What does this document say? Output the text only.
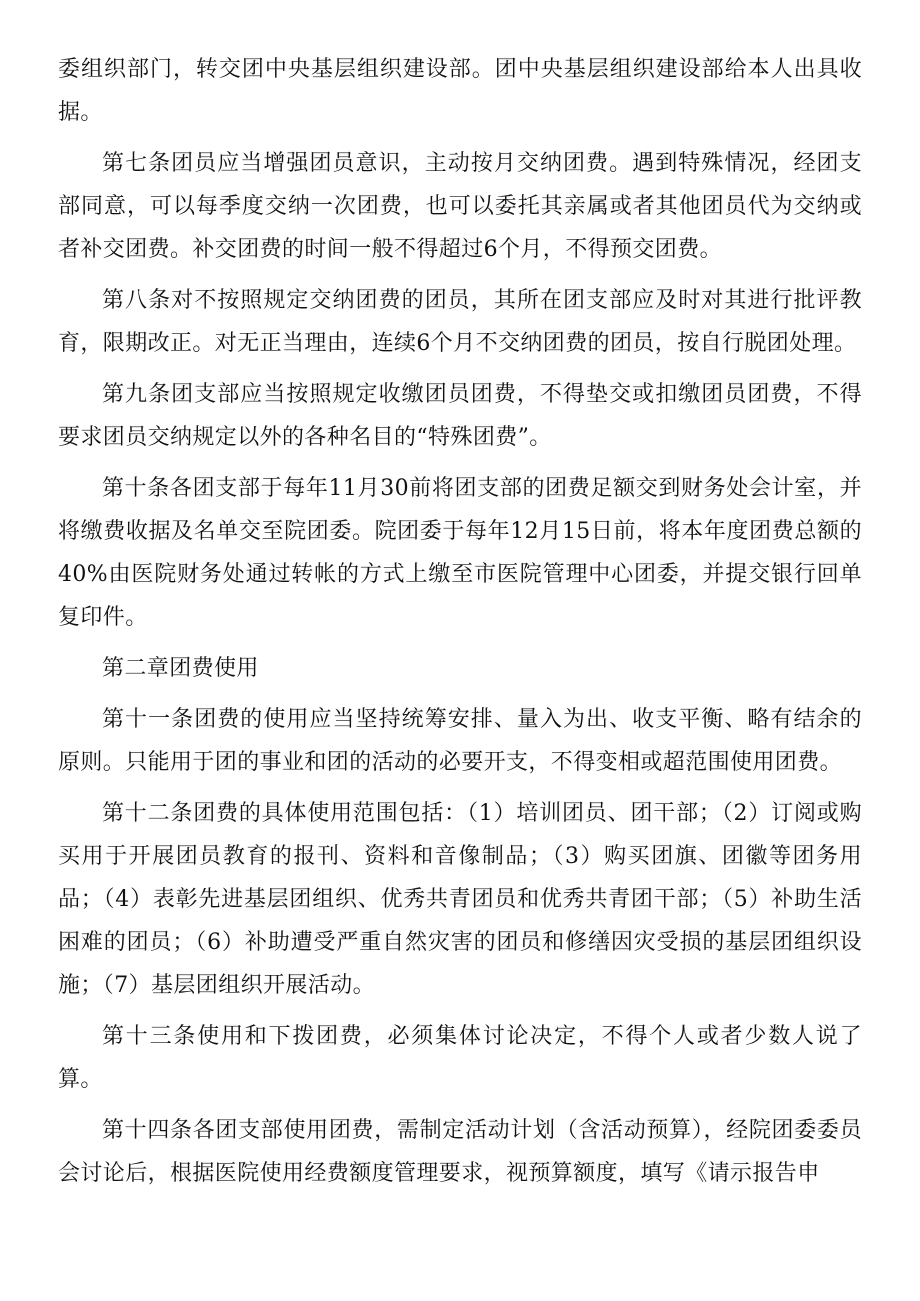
委组织部门，转交团中央基层组织建设部。团中央基层组织建设部给本人出具收据。

第七条团员应当增强团员意识，主动按月交纳团费。遇到特殊情况，经团支部同意，可以每季度交纳一次团费，也可以委托其亲属或者其他团员代为交纳或者补交团费。补交团费的时间一般不得超过6个月，不得预交团费。

第八条对不按照规定交纳团费的团员，其所在团支部应及时对其进行批评教育，限期改正。对无正当理由，连续6个月不交纳团费的团员，按自行脱团处理。

第九条团支部应当按照规定收缴团员团费，不得垫交或扣缴团员团费，不得要求团员交纳规定以外的各种名目的“特殊团费”。

第十条各团支部于每年11月30前将团支部的团费足额交到财务处会计室，并将缴费收据及名单交至院团委。院团委于每年12月15日前，将本年度团费总额的40%由医院财务处通过转帐的方式上缴至市医院管理中心团委，并提交银行回单复印件。

第二章团费使用

第十一条团费的使用应当坚持统筹安排、量入为出、收支平衡、略有结余的原则。只能用于团的事业和团的活动的必要开支，不得变相或超范围使用团费。

第十二条团费的具体使用范围包括：（1）培训团员、团干部；（2）订阅或购买用于开展团员教育的报刊、资料和音像制品；（3）购买团旗、团徽等团务用品；（4）表彰先进基层团组织、优秀共青团员和优秀共青团干部；（5）补助生活困难的团员；（6）补助遭受严重自然灾害的团员和修缮因灾受损的基层团组织设施；（7）基层团组织开展活动。

第十三条使用和下拨团费，必须集体讨论决定，不得个人或者少数人说了算。

第十四条各团支部使用团费，需制定活动计划（含活动预算），经院团委委员会讨论后，根据医院使用经费额度管理要求，视预算额度，填写《请示报告申
